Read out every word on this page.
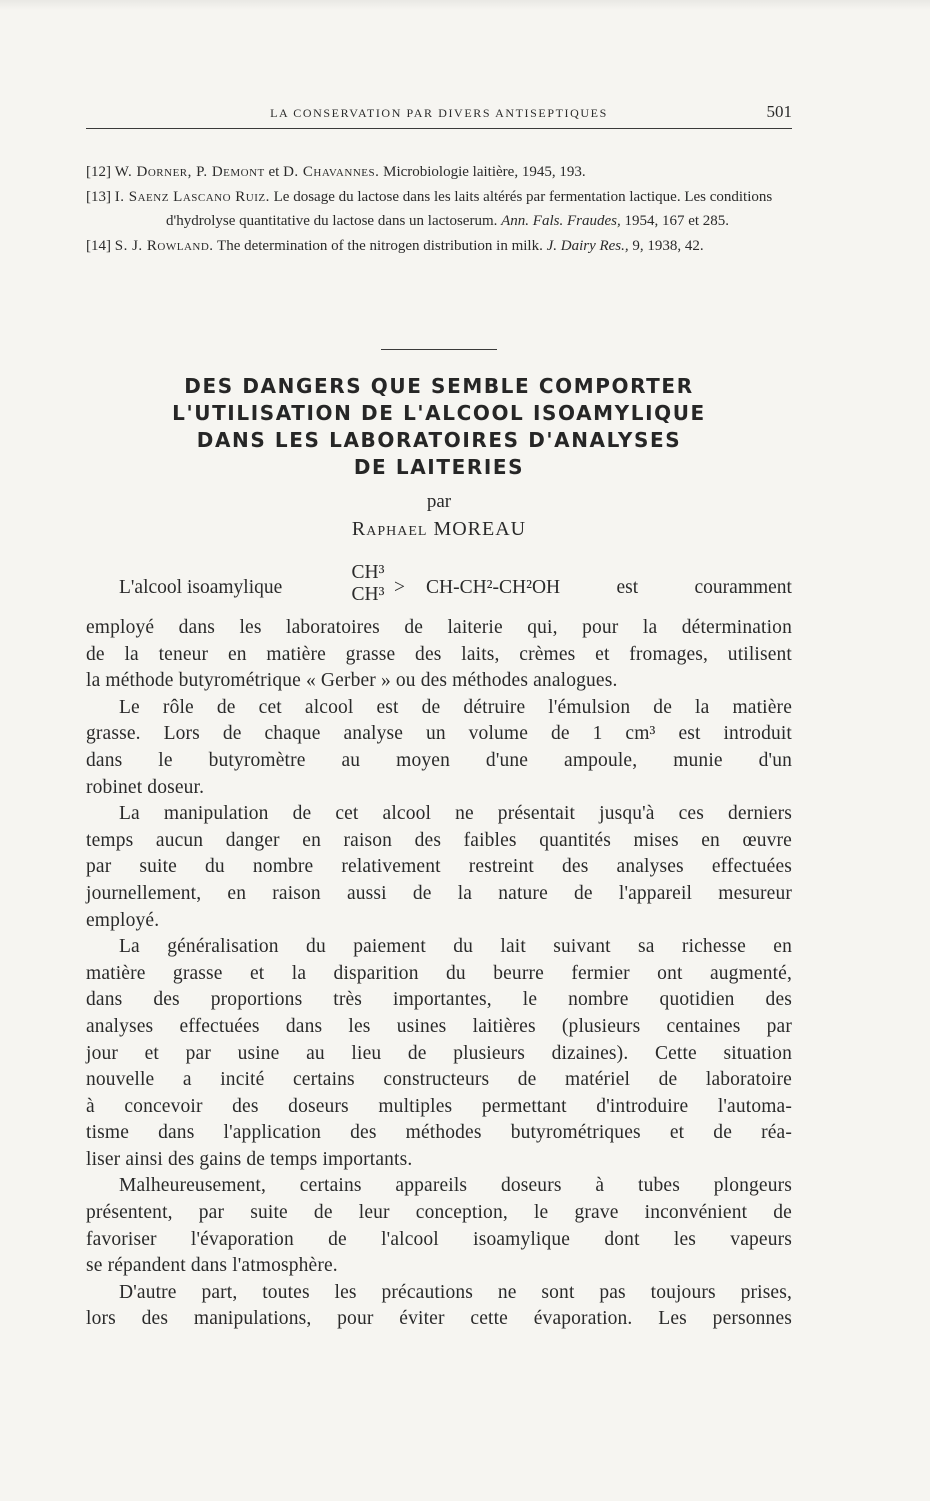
LA CONSERVATION PAR DIVERS ANTISEPTIQUES	501

[12] W. Dorner, P. Demont et D. Chavannes. Microbiologie laitière, 1945, 193.

[13] I. Saenz Lascano Ruiz. Le dosage du lactose dans les laits altérés par fermentation lactique. Les conditions d'hydrolyse quantitative du lactose dans un lactoserum. Ann. Fals. Fraudes, 1954, 167 et 285.

[14] S. J. Rowland. The determination of the nitrogen distribution in milk. J. Dairy Res., 9, 1938, 42.

DES DANGERS QUE SEMBLE COMPORTER
L'UTILISATION DE L'ALCOOL ISOAMYLIQUE
DANS LES LABORATOIRES D'ANALYSES
DE LAITERIES
par
Raphael MOREAU
L'alcool isoamylique
CH³
CH³ > CH-CH²-CH²OH	est	couramment

employé dans les laboratoires de laiterie qui, pour la détermination
de la teneur en matière grasse des laits, crèmes et fromages, utilisent
la méthode butyrométrique « Gerber » ou des méthodes analogues.

Le rôle de cet alcool est de détruire l'émulsion de la matière
grasse. Lors de chaque analyse un volume de 1 cm³ est introduit
dans le butyromètre au moyen d'une ampoule, munie d'un
robinet doseur.

La manipulation de cet alcool ne présentait jusqu'à ces derniers
temps aucun danger en raison des faibles quantités mises en œuvre
par suite du nombre relativement restreint des analyses effectuées
journellement, en raison aussi de la nature de l'appareil mesureur
employé.

La généralisation du paiement du lait suivant sa richesse en
matière grasse et la disparition du beurre fermier ont augmenté,
dans des proportions très importantes, le nombre quotidien des
analyses effectuées dans les usines laitières (plusieurs centaines par
jour et par usine au lieu de plusieurs dizaines). Cette situation
nouvelle a incité certains constructeurs de matériel de laboratoire
à concevoir des doseurs multiples permettant d'introduire l'automa-
tisme dans l'application des méthodes butyrométriques et de réa-
liser ainsi des gains de temps importants.

Malheureusement, certains appareils doseurs à tubes plongeurs
présentent, par suite de leur conception, le grave inconvénient de
favoriser l'évaporation de l'alcool isoamylique dont les vapeurs
se répandent dans l'atmosphère.

D'autre part, toutes les précautions ne sont pas toujours prises,
lors des manipulations, pour éviter cette évaporation. Les personnes
